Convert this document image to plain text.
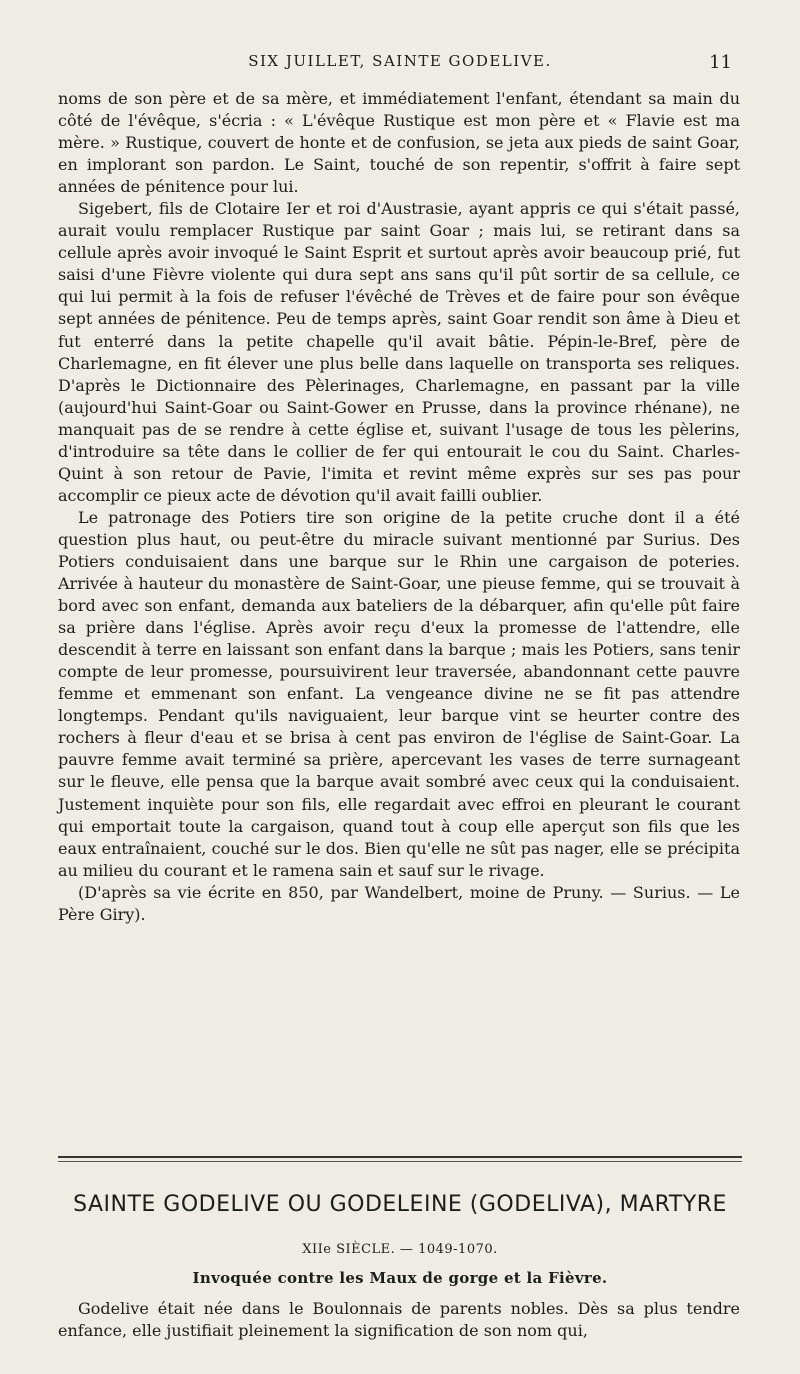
SIX JUILLET, SAINTE GODELIVE.	11

noms de son père et de sa mère, et immédiatement l'enfant, étendant sa main du côté de l'évêque, s'écria : « L'évêque Rustique est mon père et « Flavie est ma mère. » Rustique, couvert de honte et de confusion, se jeta aux pieds de saint Goar, en implorant son pardon. Le Saint, touché de son repentir, s'offrit à faire sept années de pénitence pour lui.

Sigebert, fils de Clotaire Ier et roi d'Austrasie, ayant appris ce qui s'était passé, aurait voulu remplacer Rustique par saint Goar ; mais lui, se retirant dans sa cellule après avoir invoqué le Saint Esprit et surtout après avoir beaucoup prié, fut saisi d'une Fièvre violente qui dura sept ans sans qu'il pût sortir de sa cellule, ce qui lui permit à la fois de refuser l'évêché de Trèves et de faire pour son évêque sept années de pénitence. Peu de temps après, saint Goar rendit son âme à Dieu et fut enterré dans la petite chapelle qu'il avait bâtie. Pépin-le-Bref, père de Charlemagne, en fit élever une plus belle dans laquelle on transporta ses reliques. D'après le Dictionnaire des Pèlerinages, Charlemagne, en passant par la ville (aujourd'hui Saint-Goar ou Saint-Gower en Prusse, dans la province rhénane), ne manquait pas de se rendre à cette église et, suivant l'usage de tous les pèlerins, d'introduire sa tête dans le collier de fer qui entourait le cou du Saint. Charles-Quint à son retour de Pavie, l'imita et revint même exprès sur ses pas pour accomplir ce pieux acte de dévotion qu'il avait failli oublier.

Le patronage des Potiers tire son origine de la petite cruche dont il a été question plus haut, ou peut-être du miracle suivant mentionné par Surius. Des Potiers conduisaient dans une barque sur le Rhin une cargaison de poteries. Arrivée à hauteur du monastère de Saint-Goar, une pieuse femme, qui se trouvait à bord avec son enfant, demanda aux bateliers de la débarquer, afin qu'elle pût faire sa prière dans l'église. Après avoir reçu d'eux la promesse de l'attendre, elle descendit à terre en laissant son enfant dans la barque ; mais les Potiers, sans tenir compte de leur promesse, poursuivirent leur traversée, abandonnant cette pauvre femme et emmenant son enfant. La vengeance divine ne se fit pas attendre longtemps. Pendant qu'ils naviguaient, leur barque vint se heurter contre des rochers à fleur d'eau et se brisa à cent pas environ de l'église de Saint-Goar. La pauvre femme avait terminé sa prière, apercevant les vases de terre surnageant sur le fleuve, elle pensa que la barque avait sombré avec ceux qui la conduisaient. Justement inquiète pour son fils, elle regardait avec effroi en pleurant le courant qui emportait toute la cargaison, quand tout à coup elle aperçut son fils que les eaux entraînaient, couché sur le dos. Bien qu'elle ne sût pas nager, elle se précipita au milieu du courant et le ramena sain et sauf sur le rivage.

(D'après sa vie écrite en 850, par Wandelbert, moine de Pruny. — Surius. — Le Père Giry).

SAINTE GODELIVE OU GODELEINE (GODELIVA), MARTYRE
XIIe SIÈCLE. — 1049-1070.
Invoquée contre les Maux de gorge et la Fièvre.

Godelive était née dans le Boulonnais de parents nobles. Dès sa plus tendre enfance, elle justifiait pleinement la signification de son nom qui,
